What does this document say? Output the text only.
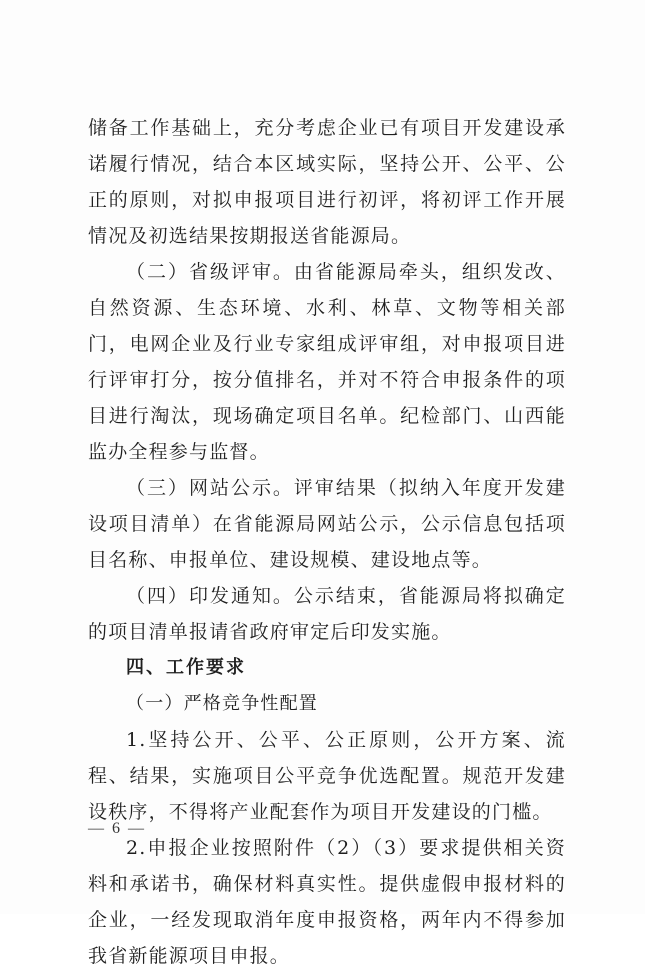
储备工作基础上，充分考虑企业已有项目开发建设承诺履行情况，结合本区域实际，坚持公开、公平、公正的原则，对拟申报项目进行初评，将初评工作开展情况及初选结果按期报送省能源局。

（二）省级评审。由省能源局牵头，组织发改、自然资源、生态环境、水利、林草、文物等相关部门，电网企业及行业专家组成评审组，对申报项目进行评审打分，按分值排名，并对不符合申报条件的项目进行淘汰，现场确定项目名单。纪检部门、山西能监办全程参与监督。

（三）网站公示。评审结果（拟纳入年度开发建设项目清单）在省能源局网站公示，公示信息包括项目名称、申报单位、建设规模、建设地点等。

（四）印发通知。公示结束，省能源局将拟确定的项目清单报请省政府审定后印发实施。

四、工作要求

（一）严格竞争性配置

1.坚持公开、公平、公正原则，公开方案、流程、结果，实施项目公平竞争优选配置。规范开发建设秩序，不得将产业配套作为项目开发建设的门槛。

2.申报企业按照附件（2）（3）要求提供相关资料和承诺书，确保材料真实性。提供虚假申报材料的企业，一经发现取消年度申报资格，两年内不得参加我省新能源项目申报。

— 6 —
